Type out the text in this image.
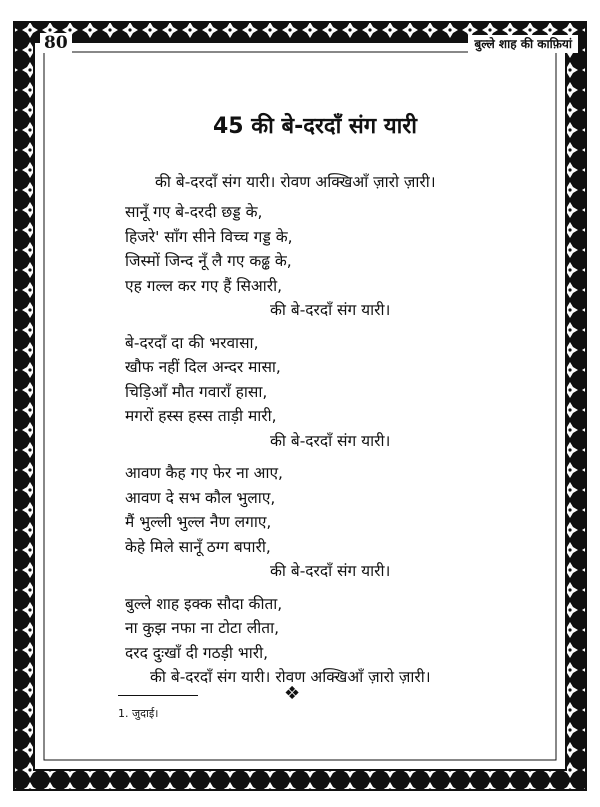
80	बुल्ले शाह की काफ़ियां
45 की बे-दरदाँ संग यारी
की बे-दरदाँ संग यारी। रोवण अक्खिआँ ज़ारो ज़ारी।
सानूँ गए बे-दरदी छड्ड के,
हिजरे' साँग सीने विच्च गड्ड के,
जिस्मों जिन्द नूँ लै गए कढ्ढ के,
एह गल्ल कर गए हैं सिआरी,
की बे-दरदाँ संग यारी।
बे-दरदाँ दा की भरवासा,
खौफ नहीं दिल अन्दर मासा,
चिड़िआँ मौत गवाराँ हासा,
मगरों हस्स हस्स ताड़ी मारी,
की बे-दरदाँ संग यारी।
आवण कैह गए फेर ना आए,
आवण दे सभ कौल भुलाए,
मैं भुल्ली भुल्ल नैण लगाए,
केहे मिले सानूँ ठग्ग बपारी,
की बे-दरदाँ संग यारी।
बुल्ले शाह इक्क सौदा कीता,
ना कुझ नफा ना टोटा लीता,
दरद दुःखाँ दी गठड़ी भारी,
की बे-दरदाँ संग यारी। रोवण अक्खिआँ ज़ारो ज़ारी।
❖
1. जुदाई।
